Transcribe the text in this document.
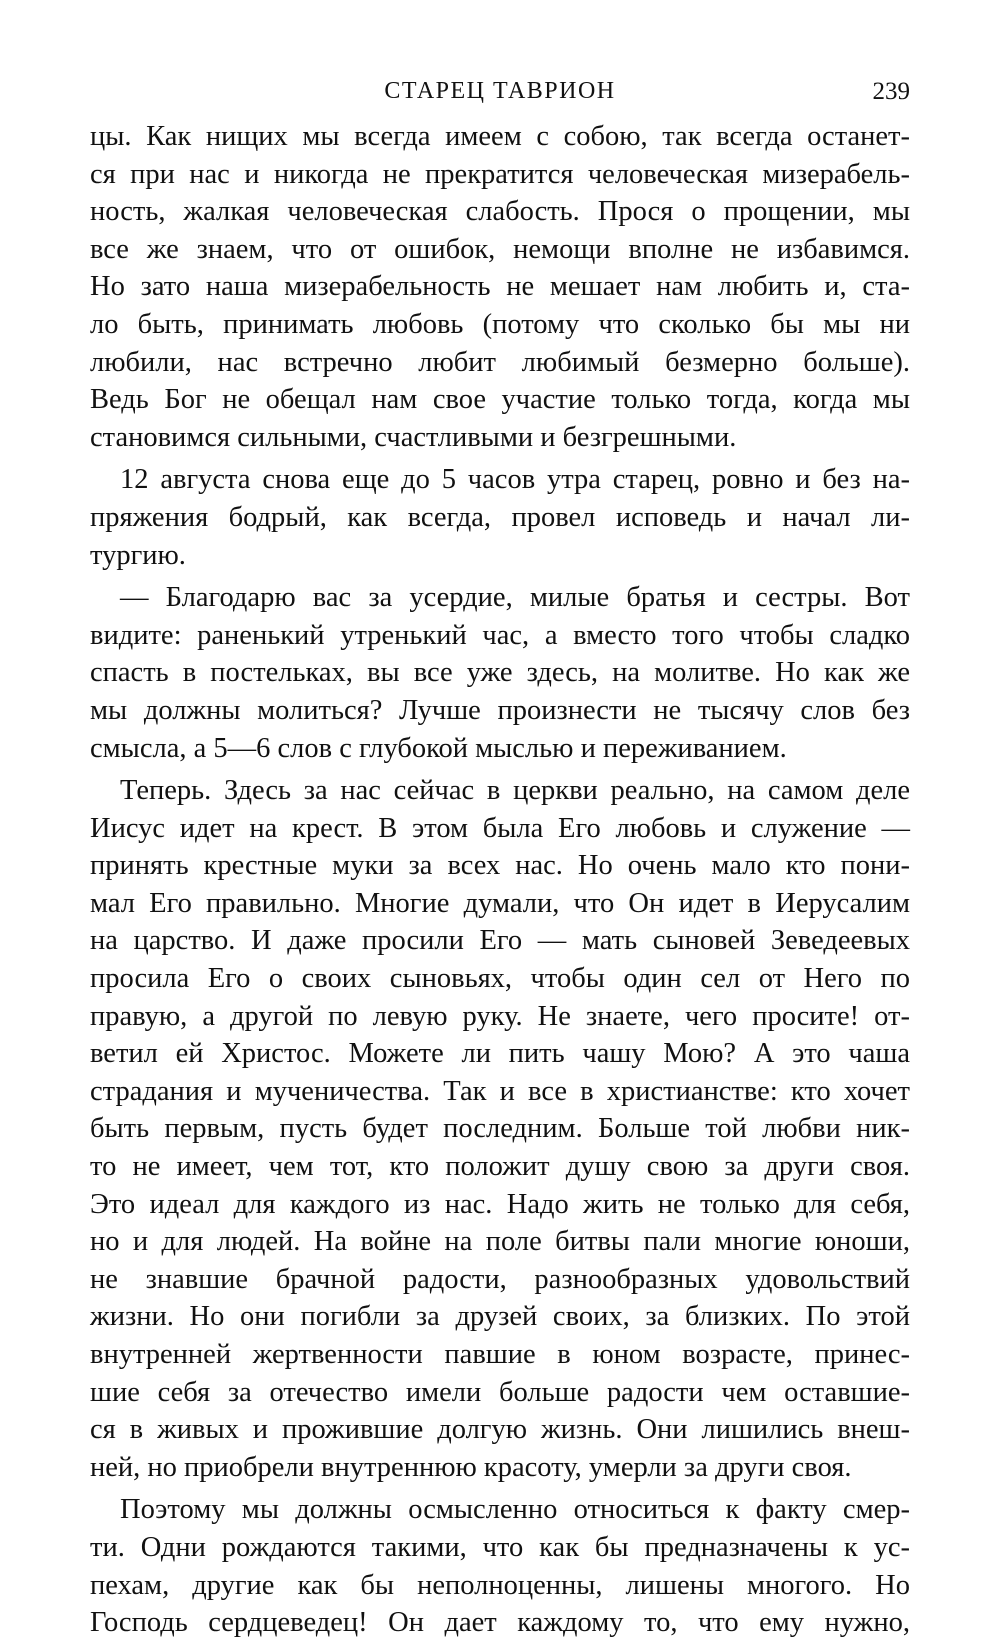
СТАРЕЦ ТАВРИОН	239
цы. Как нищих мы всегда имеем с собою, так всегда останет-
ся при нас и никогда не прекратится человеческая мизерабель-
ность, жалкая человеческая слабость. Прося о прощении, мы
все же знаем, что от ошибок, немощи вполне не избавимся.
Но зато наша мизерабельность не мешает нам любить и, ста-
ло быть, принимать любовь (потому что сколько бы мы ни
любили, нас встречно любит любимый безмерно больше).
Ведь Бог не обещал нам свое участие только тогда, когда мы
становимся сильными, счастливыми и безгрешными.
12 августа снова еще до 5 часов утра старец, ровно и без на-
пряжения бодрый, как всегда, провел исповедь и начал ли-
тургию.
— Благодарю вас за усердие, милые братья и сестры. Вот
видите: раненький утренький час, а вместо того чтобы сладко
спасть в постельках, вы все уже здесь, на молитве. Но как же
мы должны молиться? Лучше произнести не тысячу слов без
смысла, а 5—6 слов с глубокой мыслью и переживанием.
Теперь. Здесь за нас сейчас в церкви реально, на самом деле
Иисус идет на крест. В этом была Его любовь и служение —
принять крестные муки за всех нас. Но очень мало кто пони-
мал Его правильно. Многие думали, что Он идет в Иерусалим
на царство. И даже просили Его — мать сыновей Зеведеевых
просила Его о своих сыновьях, чтобы один сел от Него по
правую, а другой по левую руку. Не знаете, чего просите! от-
ветил ей Христос. Можете ли пить чашу Мою? А это чаша
страдания и мученичества. Так и все в христианстве: кто хочет
быть первым, пусть будет последним. Больше той любви ник-
то не имеет, чем тот, кто положит душу свою за други своя.
Это идеал для каждого из нас. Надо жить не только для себя,
но и для людей. На войне на поле битвы пали многие юноши,
не знавшие брачной радости, разнообразных удовольствий
жизни. Но они погибли за друзей своих, за близких. По этой
внутренней жертвенности павшие в юном возрасте, принес-
шие себя за отечество имели больше радости чем оставшие-
ся в живых и прожившие долгую жизнь. Они лишились внеш-
ней, но приобрели внутреннюю красоту, умерли за други своя.
Поэтому мы должны осмысленно относиться к факту смер-
ти. Одни рождаются такими, что как бы предназначены к ус-
пехам, другие как бы неполноценны, лишены многого. Но
Господь сердцеведец! Он дает каждому то, что ему нужно,
